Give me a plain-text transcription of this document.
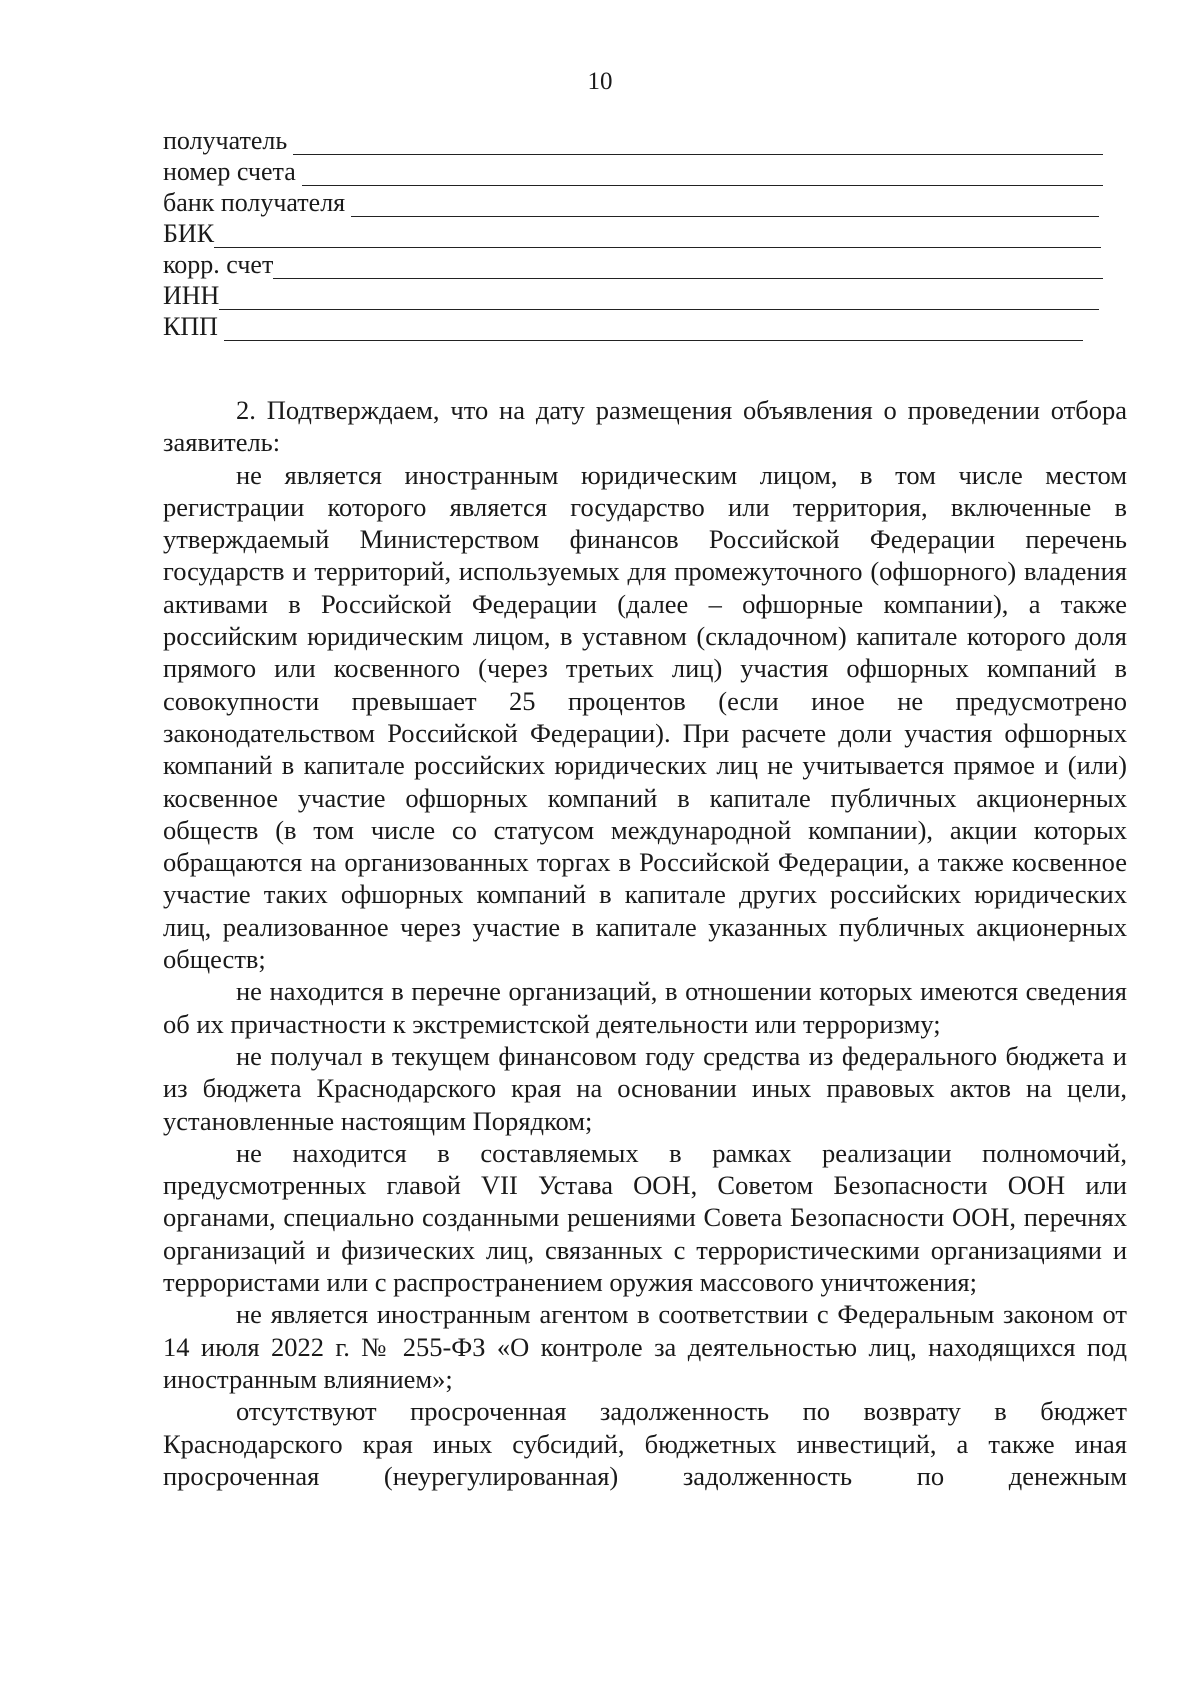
10
получатель
номер счета
банк получателя
БИК
корр. счет
ИНН
КПП

2. Подтверждаем, что на дату размещения объявления о проведении отбора заявитель:

не является иностранным юридическим лицом, в том числе местом регистрации которого является государство или территория, включенные в утверждаемый Министерством финансов Российской Федерации перечень государств и территорий, используемых для промежуточного (офшорного) владения активами в Российской Федерации (далее – офшорные компании), а также российским юридическим лицом, в уставном (складочном) капитале которого доля прямого или косвенного (через третьих лиц) участия офшорных компаний в совокупности превышает 25 процентов (если иное не предусмотрено законодательством Российской Федерации). При расчете доли участия офшорных компаний в капитале российских юридических лиц не учитывается прямое и (или) косвенное участие офшорных компаний в капитале публичных акционерных обществ (в том числе со статусом международной компании), акции которых обращаются на организованных торгах в Российской Федерации, а также косвенное участие таких офшорных компаний в капитале других российских юридических лиц, реализованное через участие в капитале указанных публичных акционерных обществ;

не находится в перечне организаций, в отношении которых имеются сведения об их причастности к экстремистской деятельности или терроризму;

не получал в текущем финансовом году средства из федерального бюджета и из бюджета Краснодарского края на основании иных правовых актов на цели, установленные настоящим Порядком;

не находится в составляемых в рамках реализации полномочий, предусмотренных главой VII Устава ООН, Советом Безопасности ООН или органами, специально созданными решениями Совета Безопасности ООН, перечнях организаций и физических лиц, связанных с террористическими организациями и террористами или с распространением оружия массового уничтожения;

не является иностранным агентом в соответствии с Федеральным законом от 14 июля 2022 г. № 255-ФЗ «О контроле за деятельностью лиц, находящихся под иностранным влиянием»;

отсутствуют просроченная задолженность по возврату в бюджет Краснодарского края иных субсидий, бюджетных инвестиций, а также иная просроченная (неурегулированная) задолженность по денежным
